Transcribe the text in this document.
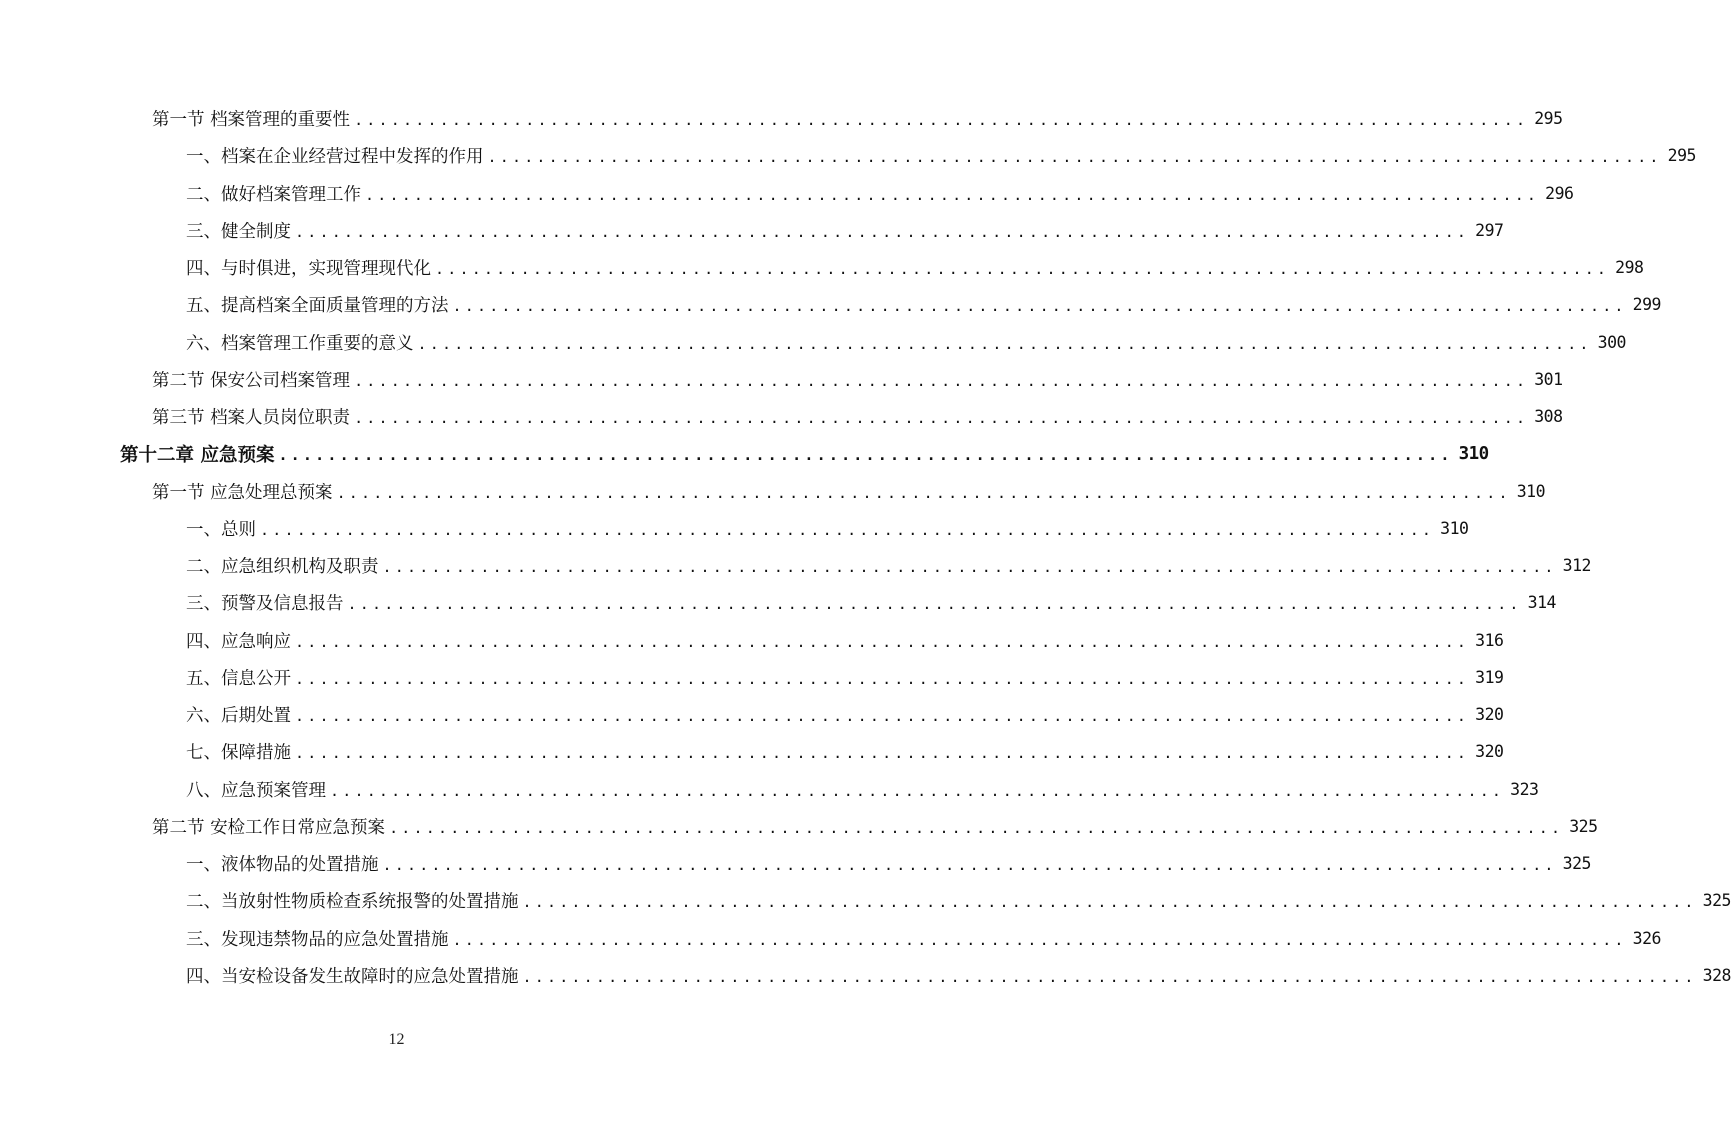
第一节 档案管理的重要性 ................................................................................................ 295
一、档案在企业经营过程中发挥的作用 ................................................................................................ 295
二、做好档案管理工作 ................................................................................................ 296
三、健全制度 ................................................................................................ 297
四、与时俱进，实现管理现代化 ................................................................................................ 298
五、提高档案全面质量管理的方法 ................................................................................................ 299
六、档案管理工作重要的意义 ................................................................................................ 300
第二节 保安公司档案管理 ................................................................................................ 301
第三节 档案人员岗位职责 ................................................................................................ 308
第十二章 应急预案 ................................................................................................ 310
第一节 应急处理总预案 ................................................................................................ 310
一、总则 ................................................................................................ 310
二、应急组织机构及职责 ................................................................................................ 312
三、预警及信息报告 ................................................................................................ 314
四、应急响应 ................................................................................................ 316
五、信息公开 ................................................................................................ 319
六、后期处置 ................................................................................................ 320
七、保障措施 ................................................................................................ 320
八、应急预案管理 ................................................................................................ 323
第二节 安检工作日常应急预案 ................................................................................................ 325
一、液体物品的处置措施 ................................................................................................ 325
二、当放射性物质检查系统报警的处置措施 ................................................................................................ 325
三、发现违禁物品的应急处置措施 ................................................................................................ 326
四、当安检设备发生故障时的应急处置措施 ................................................................................................ 328
12
